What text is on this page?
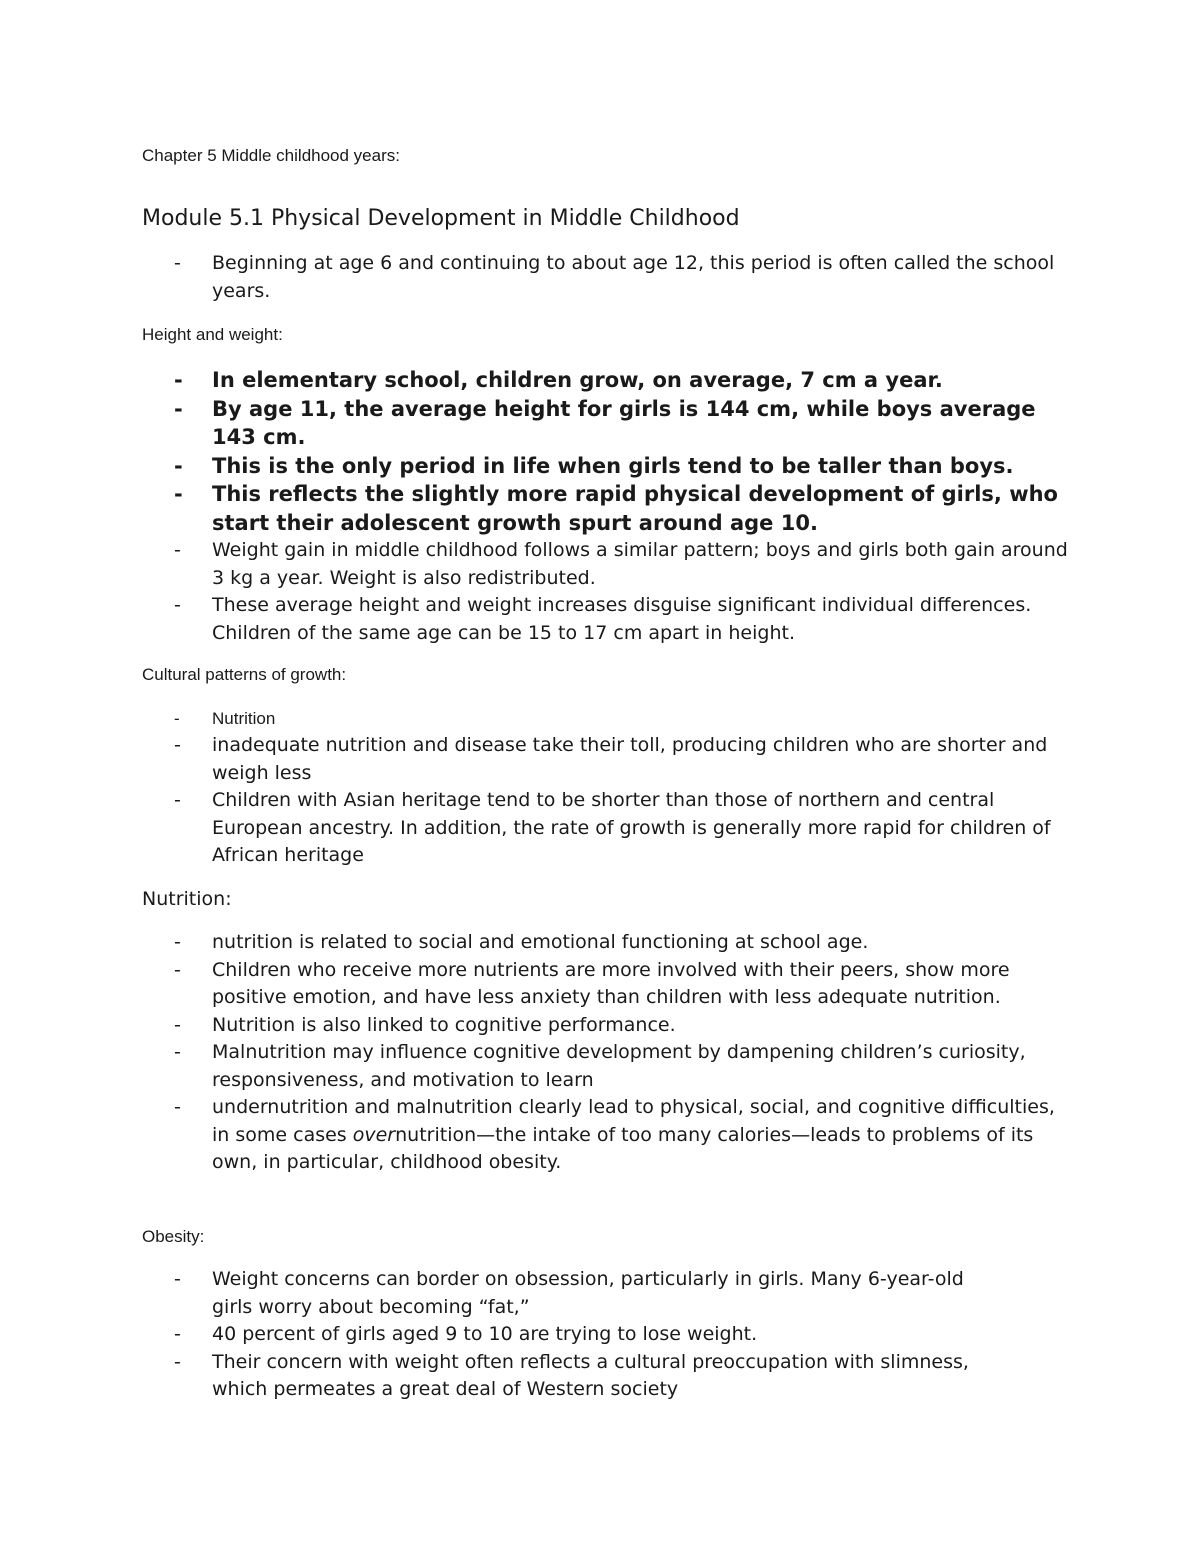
Chapter 5 Middle childhood years:
Module 5.1 Physical Development in Middle Childhood
- Beginning at age 6 and continuing to about age 12, this period is often called the school years.
Height and weight:
- In elementary school, children grow, on average, 7 cm a year.
- By age 11, the average height for girls is 144 cm, while boys average 143 cm.
- This is the only period in life when girls tend to be taller than boys.
- This reflects the slightly more rapid physical development of girls, who start their adolescent growth spurt around age 10.
- Weight gain in middle childhood follows a similar pattern; boys and girls both gain around 3 kg a year. Weight is also redistributed.
- These average height and weight increases disguise significant individual differences. Children of the same age can be 15 to 17 cm apart in height.
Cultural patterns of growth:
- Nutrition
- inadequate nutrition and disease take their toll, producing children who are shorter and weigh less
- Children with Asian heritage tend to be shorter than those of northern and central European ancestry. In addition, the rate of growth is generally more rapid for children of African heritage
Nutrition:
- nutrition is related to social and emotional functioning at school age.
- Children who receive more nutrients are more involved with their peers, show more positive emotion, and have less anxiety than children with less adequate nutrition.
- Nutrition is also linked to cognitive performance.
- Malnutrition may influence cognitive development by dampening children’s curiosity, responsiveness, and motivation to learn
- undernutrition and malnutrition clearly lead to physical, social, and cognitive difficulties, in some cases overnutrition—the intake of too many calories—leads to problems of its own, in particular, childhood obesity.
Obesity:
- Weight concerns can border on obsession, particularly in girls. Many 6-year-old girls worry about becoming “fat,”
- 40 percent of girls aged 9 to 10 are trying to lose weight.
- Their concern with weight often reflects a cultural preoccupation with slimness, which permeates a great deal of Western society
